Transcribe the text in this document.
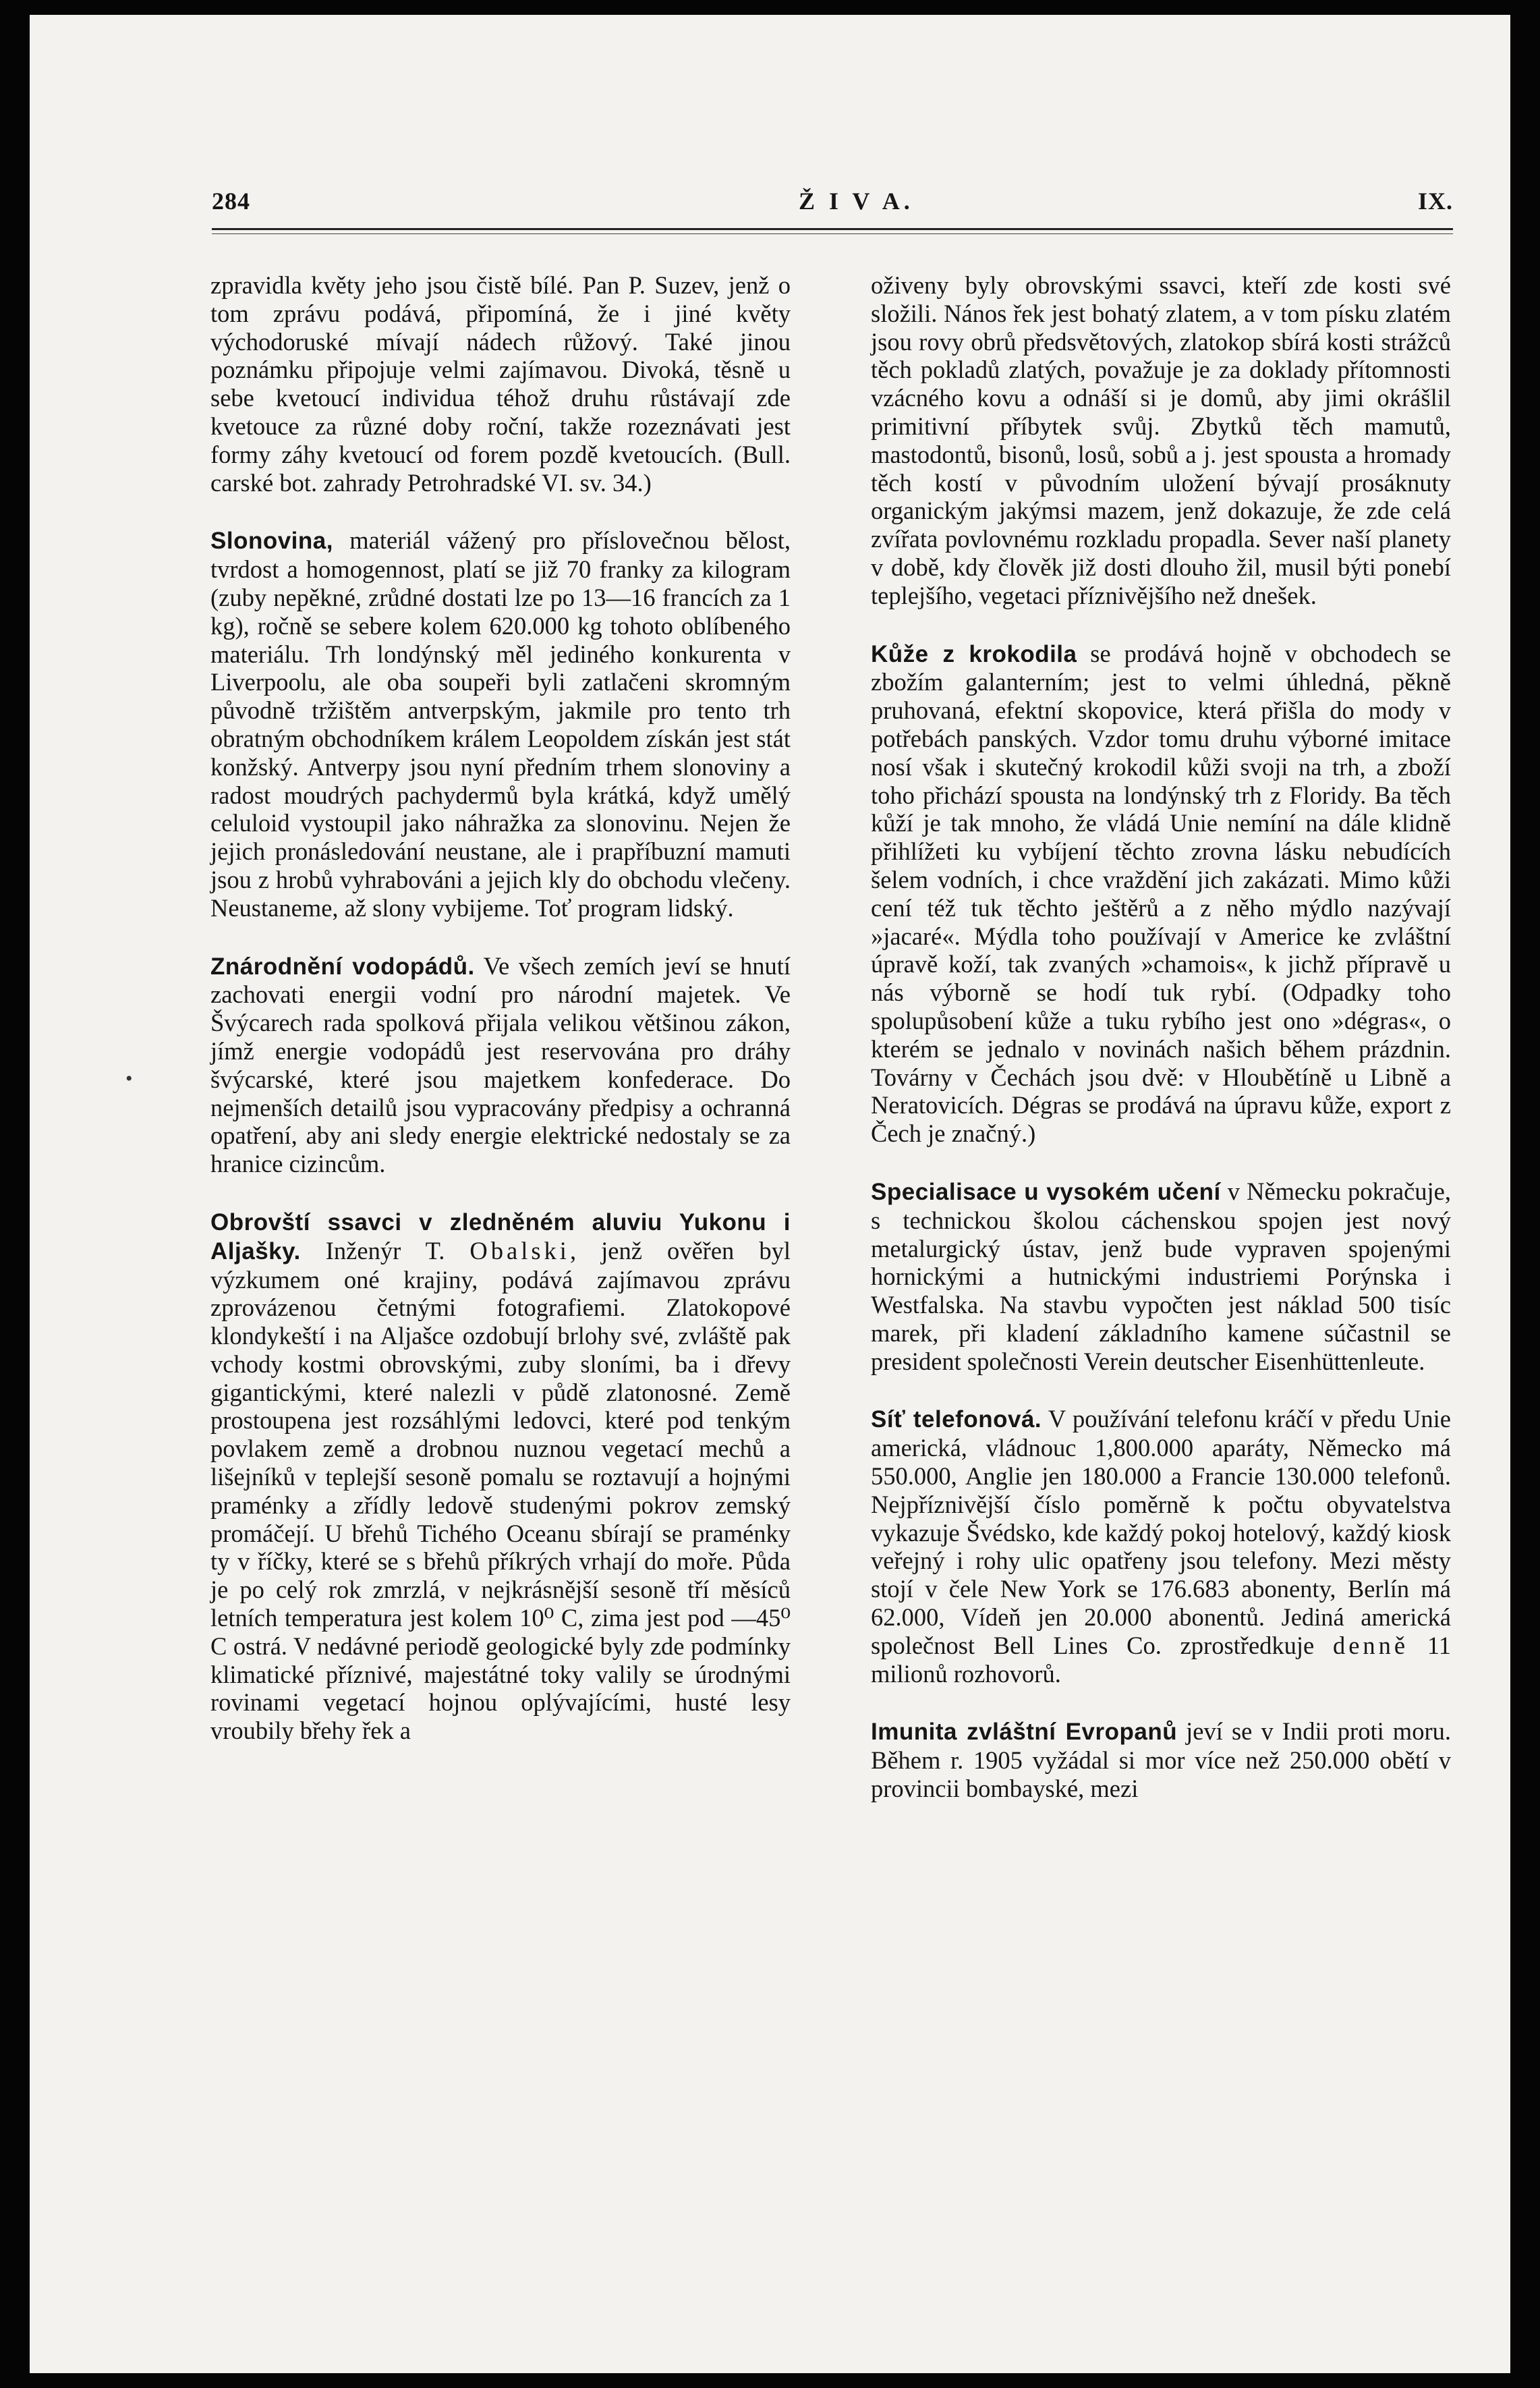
284	Ž I V A.	IX.
•

zpravidla květy jeho jsou čistě bílé. Pan P. Suzev, jenž o tom zprávu podává, připomíná, že i jiné květy východoruské mívají nádech růžový. Také jinou poznámku připojuje velmi zajímavou. Divoká, těsně u sebe kvetoucí individua téhož druhu růstávají zde kvetouce za různé doby roční, takže rozeznávati jest formy záhy kvetoucí od forem pozdě kvetoucích. (Bull. carské bot. zahrady Petrohradské VI. sv. 34.)

Slonovina, materiál vážený pro příslovečnou bělost, tvrdost a homogennost, platí se již 70 franky za kilogram (zuby nepěkné, zrůdné dostati lze po 13—16 francích za 1 kg), ročně se sebere kolem 620.000 kg tohoto oblíbeného materiálu. Trh londýnský měl jediného konkurenta v Liverpoolu, ale oba soupeři byli zatlačeni skromným původně tržištěm antverpským, jakmile pro tento trh obratným obchodníkem králem Leopoldem získán jest stát konžský. Antverpy jsou nyní předním trhem slonoviny a radost moudrých pachydermů byla krátká, když umělý celuloid vystoupil jako náhražka za slonovinu. Nejen že jejich pronásledování neustane, ale i prapříbuzní mamuti jsou z hrobů vyhrabováni a jejich kly do obchodu vlečeny. Neustaneme, až slony vybijeme. Toť program lidský.

Znárodnění vodopádů. Ve všech zemích jeví se hnutí zachovati energii vodní pro národní majetek. Ve Švýcarech rada spolková přijala velikou většinou zákon, jímž energie vodopádů jest reservována pro dráhy švýcarské, které jsou majetkem konfederace. Do nejmenších detailů jsou vypracovány předpisy a ochranná opatření, aby ani sledy energie elektrické nedostaly se za hranice cizincům.

Obrovští ssavci v zledněném aluviu Yukonu i Aljašky. Inženýr T. Obalski, jenž ověřen byl výzkumem oné krajiny, podává zajímavou zprávu zprovázenou četnými fotografiemi. Zlatokopové klondykeští i na Aljašce ozdobují brlohy své, zvláště pak vchody kostmi obrovskými, zuby sloními, ba i dřevy gigantickými, které nalezli v půdě zlatonosné. Země prostoupena jest rozsáhlými ledovci, které pod tenkým povlakem země a drobnou nuznou vegetací mechů a lišejníků v teplejší sesoně pomalu se roztavují a hojnými praménky a zřídly ledově studenými pokrov zemský promáčejí. U břehů Tichého Oceanu sbírají se praménky ty v říčky, které se s břehů příkrých vrhají do moře. Půda je po celý rok zmrzlá, v nejkrásnější sesoně tří měsíců letních temperatura jest kolem 10⁰ C, zima jest pod —45⁰ C ostrá. V nedávné periodě geologické byly zde podmínky klimatické příznivé, majestátné toky valily se úrodnými rovinami vegetací hojnou oplývajícími, husté lesy vroubily břehy řek a

oživeny byly obrovskými ssavci, kteří zde kosti své složili. Nános řek jest bohatý zlatem, a v tom písku zlatém jsou rovy obrů předsvětových, zlatokop sbírá kosti strážců těch pokladů zlatých, považuje je za doklady přítomnosti vzácného kovu a odnáší si je domů, aby jimi okrášlil primitivní příbytek svůj. Zbytků těch mamutů, mastodontů, bisonů, losů, sobů a j. jest spousta a hromady těch kostí v původním uložení bývají prosáknuty organickým jakýmsi mazem, jenž dokazuje, že zde celá zvířata povlovnému rozkladu propadla. Sever naší planety v době, kdy člověk již dosti dlouho žil, musil býti ponebí teplejšího, vegetaci příznivějšího než dnešek.

Kůže z krokodila se prodává hojně v obchodech se zbožím galanterním; jest to velmi úhledná, pěkně pruhovaná, efektní skopovice, která přišla do mody v potřebách panských. Vzdor tomu druhu výborné imitace nosí však i skutečný krokodil kůži svoji na trh, a zboží toho přichází spousta na londýnský trh z Floridy. Ba těch kůží je tak mnoho, že vládá Unie nemíní na dále klidně přihlížeti ku vybíjení těchto zrovna lásku nebudících šelem vodních, i chce vraždění jich zakázati. Mimo kůži cení též tuk těchto ještěrů a z něho mýdlo nazývají »jacaré«. Mýdla toho používají v Americe ke zvláštní úpravě koží, tak zvaných »chamois«, k jichž přípravě u nás výborně se hodí tuk rybí. (Odpadky toho spolupůsobení kůže a tuku rybího jest ono »dégras«, o kterém se jednalo v novinách našich během prázdnin. Továrny v Čechách jsou dvě: v Hloubětíně u Libně a Neratovicích. Dégras se prodává na úpravu kůže, export z Čech je značný.)

Specialisace u vysokém učení v Německu pokračuje, s technickou školou cáchenskou spojen jest nový metalurgický ústav, jenž bude vypraven spojenými hornickými a hutnickými industriemi Porýnska i Westfalska. Na stavbu vypočten jest náklad 500 tisíc marek, při kladení základního kamene súčastnil se president společnosti Verein deutscher Eisenhüttenleute.

Síť telefonová. V používání telefonu kráčí v předu Unie americká, vládnouc 1,800.000 aparáty, Německo má 550.000, Anglie jen 180.000 a Francie 130.000 telefonů. Nejpříznivější číslo poměrně k počtu obyvatelstva vykazuje Švédsko, kde každý pokoj hotelový, každý kiosk veřejný i rohy ulic opatřeny jsou telefony. Mezi městy stojí v čele New York se 176.683 abonenty, Berlín má 62.000, Vídeň jen 20.000 abonentů. Jediná americká společnost Bell Lines Co. zprostředkuje denně 11 milionů rozhovorů.

Imunita zvláštní Evropanů jeví se v Indii proti moru. Během r. 1905 vyžádal si mor více než 250.000 obětí v provincii bombayské, mezi
